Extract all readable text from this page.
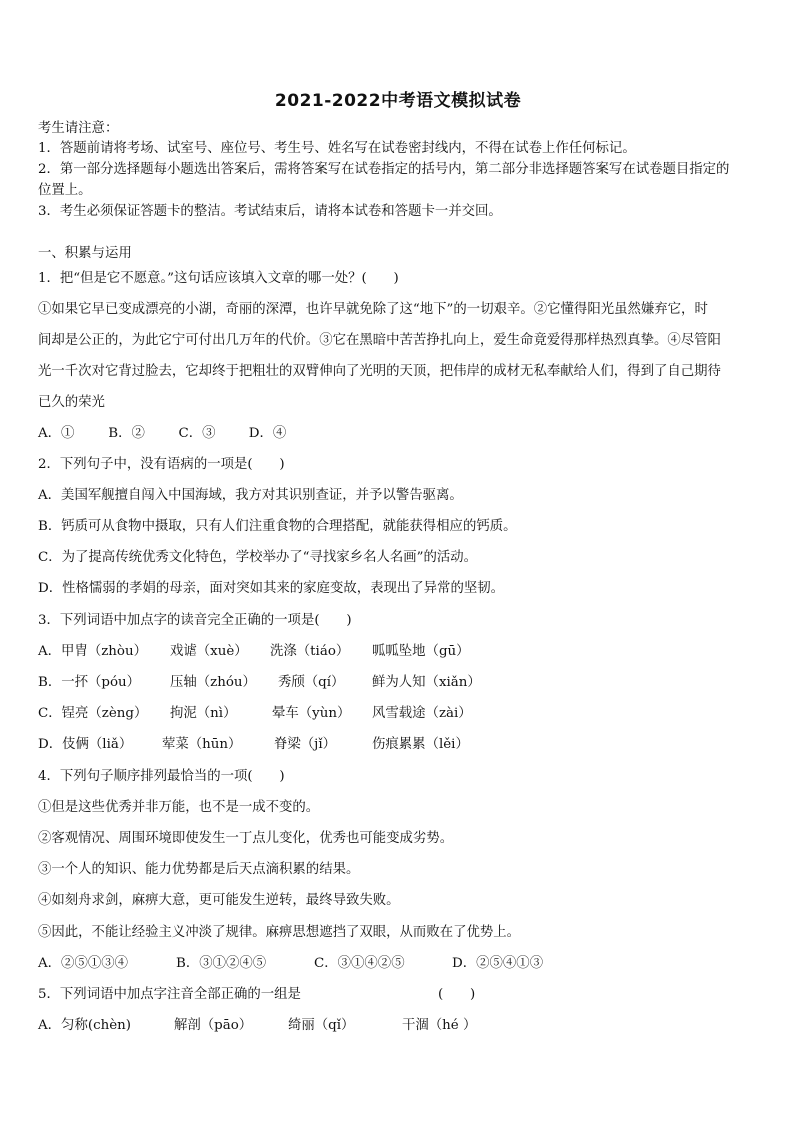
2021-2022中考语文模拟试卷
考生请注意：
1．答题前请将考场、试室号、座位号、考生号、姓名写在试卷密封线内，不得在试卷上作任何标记。
2．第一部分选择题每小题选出答案后，需将答案写在试卷指定的括号内，第二部分非选择题答案写在试卷题目指定的
位置上。
3．考生必须保证答题卡的整洁。考试结束后，请将本试卷和答题卡一并交回。
一、积累与运用
1．把“但是它不愿意。”这句话应该填入文章的哪一处？(　　)
①如果它早已变成漂亮的小湖，奇丽的深潭，也许早就免除了这“地下”的一切艰辛。②它懂得阳光虽然嫌弃它，时
间却是公正的，为此它宁可付出几万年的代价。③它在黑暗中苦苦挣扎向上，爱生命竟爱得那样热烈真挚。④尽管阳
光一千次对它背过脸去，它却终于把粗壮的双臂伸向了光明的天顶，把伟岸的成材无私奉献给人们，得到了自己期待
已久的荣光
A．①	B．②	C．③ D．④
2．下列句子中，没有语病的一项是(　　)
A．美国军舰擅自闯入中国海域，我方对其识别查证，并予以警告驱离。
B．钙质可从食物中摄取，只有人们注重食物的合理搭配，就能获得相应的钙质。
C．为了提高传统优秀文化特色，学校举办了“寻找家乡名人名画”的活动。
D．性格懦弱的孝娟的母亲，面对突如其来的家庭变故，表现出了异常的坚韧。
3．下列词语中加点字的读音完全正确的一项是(　　)
A．甲胄（zhòu） 戏谑（xuè） 洗涤（tiáo） 呱呱坠地（gū）
B．一抔（póu） 压轴（zhóu） 秀颀（qí） 鲜为人知（xiǎn）
C．锃亮（zèng） 拘泥（nì）	晕车（yùn） 风雪载途（zài）
D．伎俩（liǎ） 荤菜（hūn） 脊梁（jǐ）	伤痕累累（lěi）
4．下列句子顺序排列最恰当的一项(　　)
①但是这些优秀并非万能，也不是一成不变的。
②客观情况、周围环境即使发生一丁点儿变化，优秀也可能变成劣势。
③一个人的知识、能力优势都是后天点滴积累的结果。
④如刻舟求剑，麻痹大意，更可能发生逆转，最终导致失败。
⑤因此，不能让经验主义冲淡了规律。麻痹思想遮挡了双眼，从而败在了优势上。
A．②⑤①③④	B．③①②④⑤	C．③①④②⑤	D．②⑤④①③
5．下列词语中加点字注音全部正确的一组是	(　　)
A．匀称(chèn)	解剖（pāo）	绮丽（qǐ）	干涸（hé ）
